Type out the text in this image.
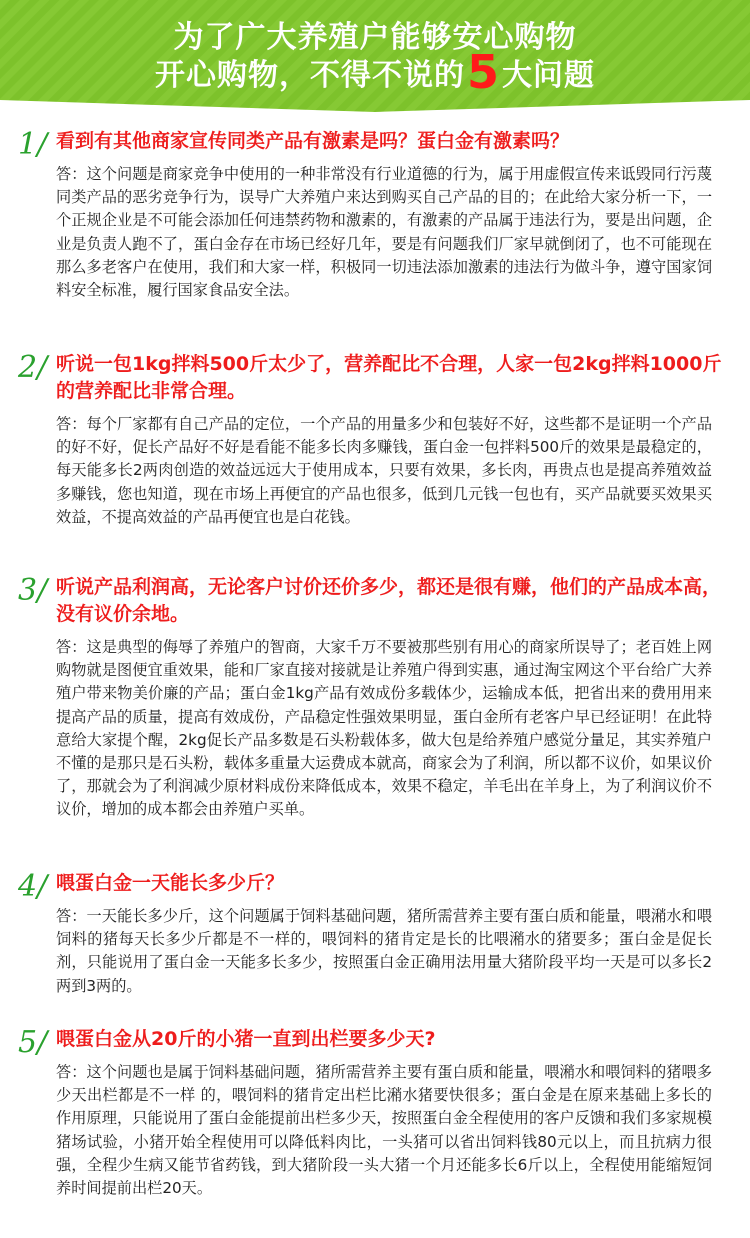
为了广大养殖户能够安心购物
开心购物，不得不说的5大问题
1/ 看到有其他商家宣传同类产品有激素是吗？蛋白金有激素吗？
答：这个问题是商家竞争中使用的一种非常没有行业道德的行为，属于用虚假宣传来诋毁同行污蔑同类产品的恶劣竞争行为，误导广大养殖户来达到购买自己产品的目的；在此给大家分析一下，一个正规企业是不可能会添加任何违禁药物和激素的，有激素的产品属于违法行为，要是出问题，企业是负责人跑不了，蛋白金存在市场已经好几年，要是有问题我们厂家早就倒闭了，也不可能现在那么多老客户在使用，我们和大家一样，积极同一切违法添加激素的违法行为做斗争，遵守国家饲料安全标准，履行国家食品安全法。
2/ 听说一包1kg拌料500斤太少了，营养配比不合理，人家一包2kg拌料1000斤的营养配比非常合理。
答：每个厂家都有自己产品的定位，一个产品的用量多少和包装好不好，这些都不是证明一个产品的好不好，促长产品好不好是看能不能多长肉多赚钱，蛋白金一包拌料500斤的效果是最稳定的，每天能多长2两肉创造的效益远远大于使用成本，只要有效果，多长肉，再贵点也是提高养殖效益多赚钱，您也知道，现在市场上再便宜的产品也很多，低到几元钱一包也有，买产品就要买效果买效益，不提高效益的产品再便宜也是白花钱。
3/ 听说产品利润高，无论客户讨价还价多少，都还是很有赚，他们的产品成本高，没有议价余地。
答：这是典型的侮辱了养殖户的智商，大家千万不要被那些别有用心的商家所误导了；老百姓上网购物就是图便宜重效果，能和厂家直接对接就是让养殖户得到实惠，通过淘宝网这个平台给广大养殖户带来物美价廉的产品；蛋白金1kg产品有效成份多载体少，运输成本低，把省出来的费用用来提高产品的质量，提高有效成份，产品稳定性强效果明显，蛋白金所有老客户早已经证明！在此特意给大家提个醒，2kg促长产品多数是石头粉载体多，做大包是给养殖户感觉分量足，其实养殖户不懂的是那只是石头粉，载体多重量大运费成本就高，商家会为了利润，所以都不议价，如果议价了，那就会为了利润减少原材料成份来降低成本，效果不稳定，羊毛出在羊身上，为了利润议价不议价，增加的成本都会由养殖户买单。
4/ 喂蛋白金一天能长多少斤？
答：一天能长多少斤，这个问题属于饲料基础问题，猪所需营养主要有蛋白质和能量，喂潲水和喂饲料的猪每天长多少斤都是不一样的，喂饲料的猪肯定是长的比喂潲水的猪要多；蛋白金是促长剂，只能说用了蛋白金一天能多长多少，按照蛋白金正确用法用量大猪阶段平均一天是可以多长2两到3两的。
5/ 喂蛋白金从20斤的小猪一直到出栏要多少天?
答：这个问题也是属于饲料基础问题，猪所需营养主要有蛋白质和能量，喂潲水和喂饲料的猪喂多少天出栏都是不一样 的，喂饲料的猪肯定出栏比潲水猪要快很多；蛋白金是在原来基础上多长的作用原理，只能说用了蛋白金能提前出栏多少天，按照蛋白金全程使用的客户反馈和我们多家规模猪场试验，小猪开始全程使用可以降低料肉比，一头猪可以省出饲料钱80元以上，而且抗病力很强，全程少生病又能节省药钱，到大猪阶段一头大猪一个月还能多长6斤以上，全程使用能缩短饲养时间提前出栏20天。
